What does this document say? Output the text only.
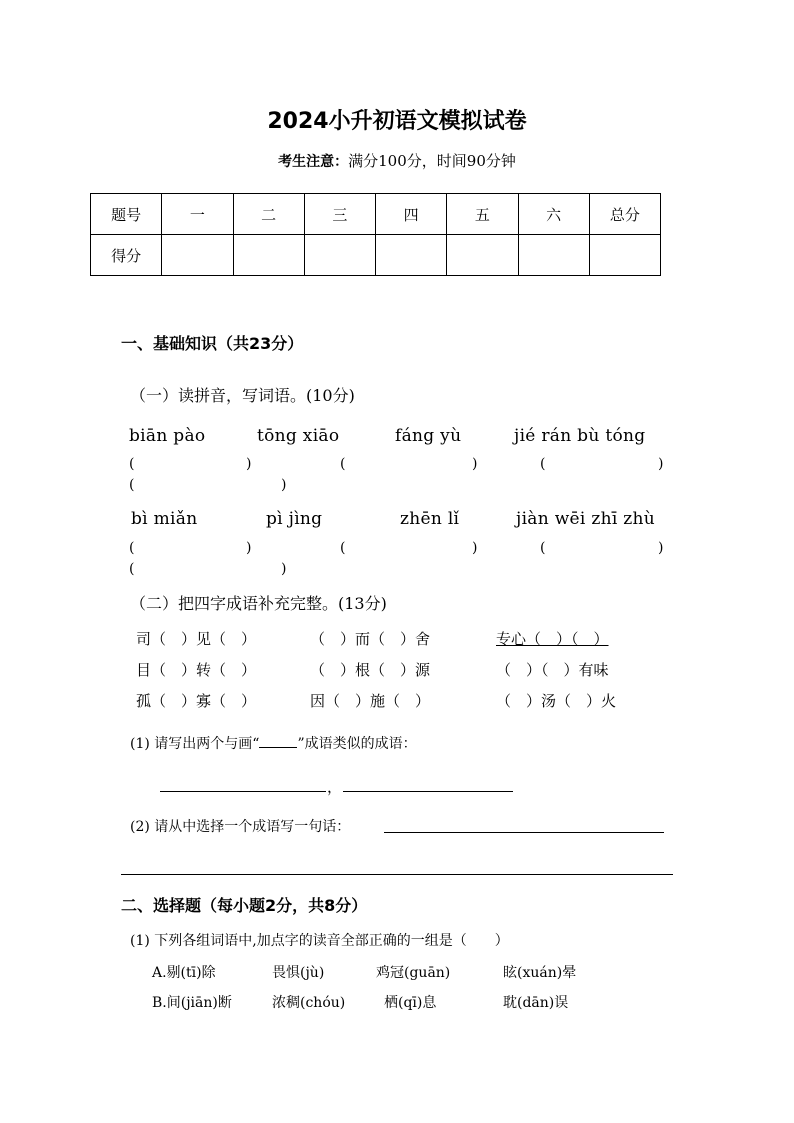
2024小升初语文模拟试卷
考生注意：满分100分，时间90分钟
题号	一	二	三	四	五	六	总分
得分							
一、基础知识（共23分）
（一）读拼音，写词语。(10分)
biān pào	tōng xiāo	fáng yù	jié rán bù tóng
(	)	(	)	(	)
(	)
bì miǎn	pì jìng	zhēn lǐ	jiàn wēi zhī zhù
(	)	(	)	(	)
(	)
（二）把四字成语补充完整。(13分)
司（　）见（　）	（　）而（　）舍	专心（　）（　）
目（　）转（　）	（　）根（　）源	（　）（　）有味
孤（　）寡（　）	因（　）施（　）	（　）汤（　）火
(1) 请写出两个与画“	”成语类似的成语：
，
(2) 请从中选择一个成语写一句话：
二、选择题（每小题2分，共8分）
(1) 下列各组词语中,加点字的读音全部正确的一组是（　　）
A.剔(tī)除	畏惧(jù)	鸡冠(guān)	眩(xuán)晕
B.间(jiān)断	浓稠(chóu)	栖(qī)息	耽(dān)误
